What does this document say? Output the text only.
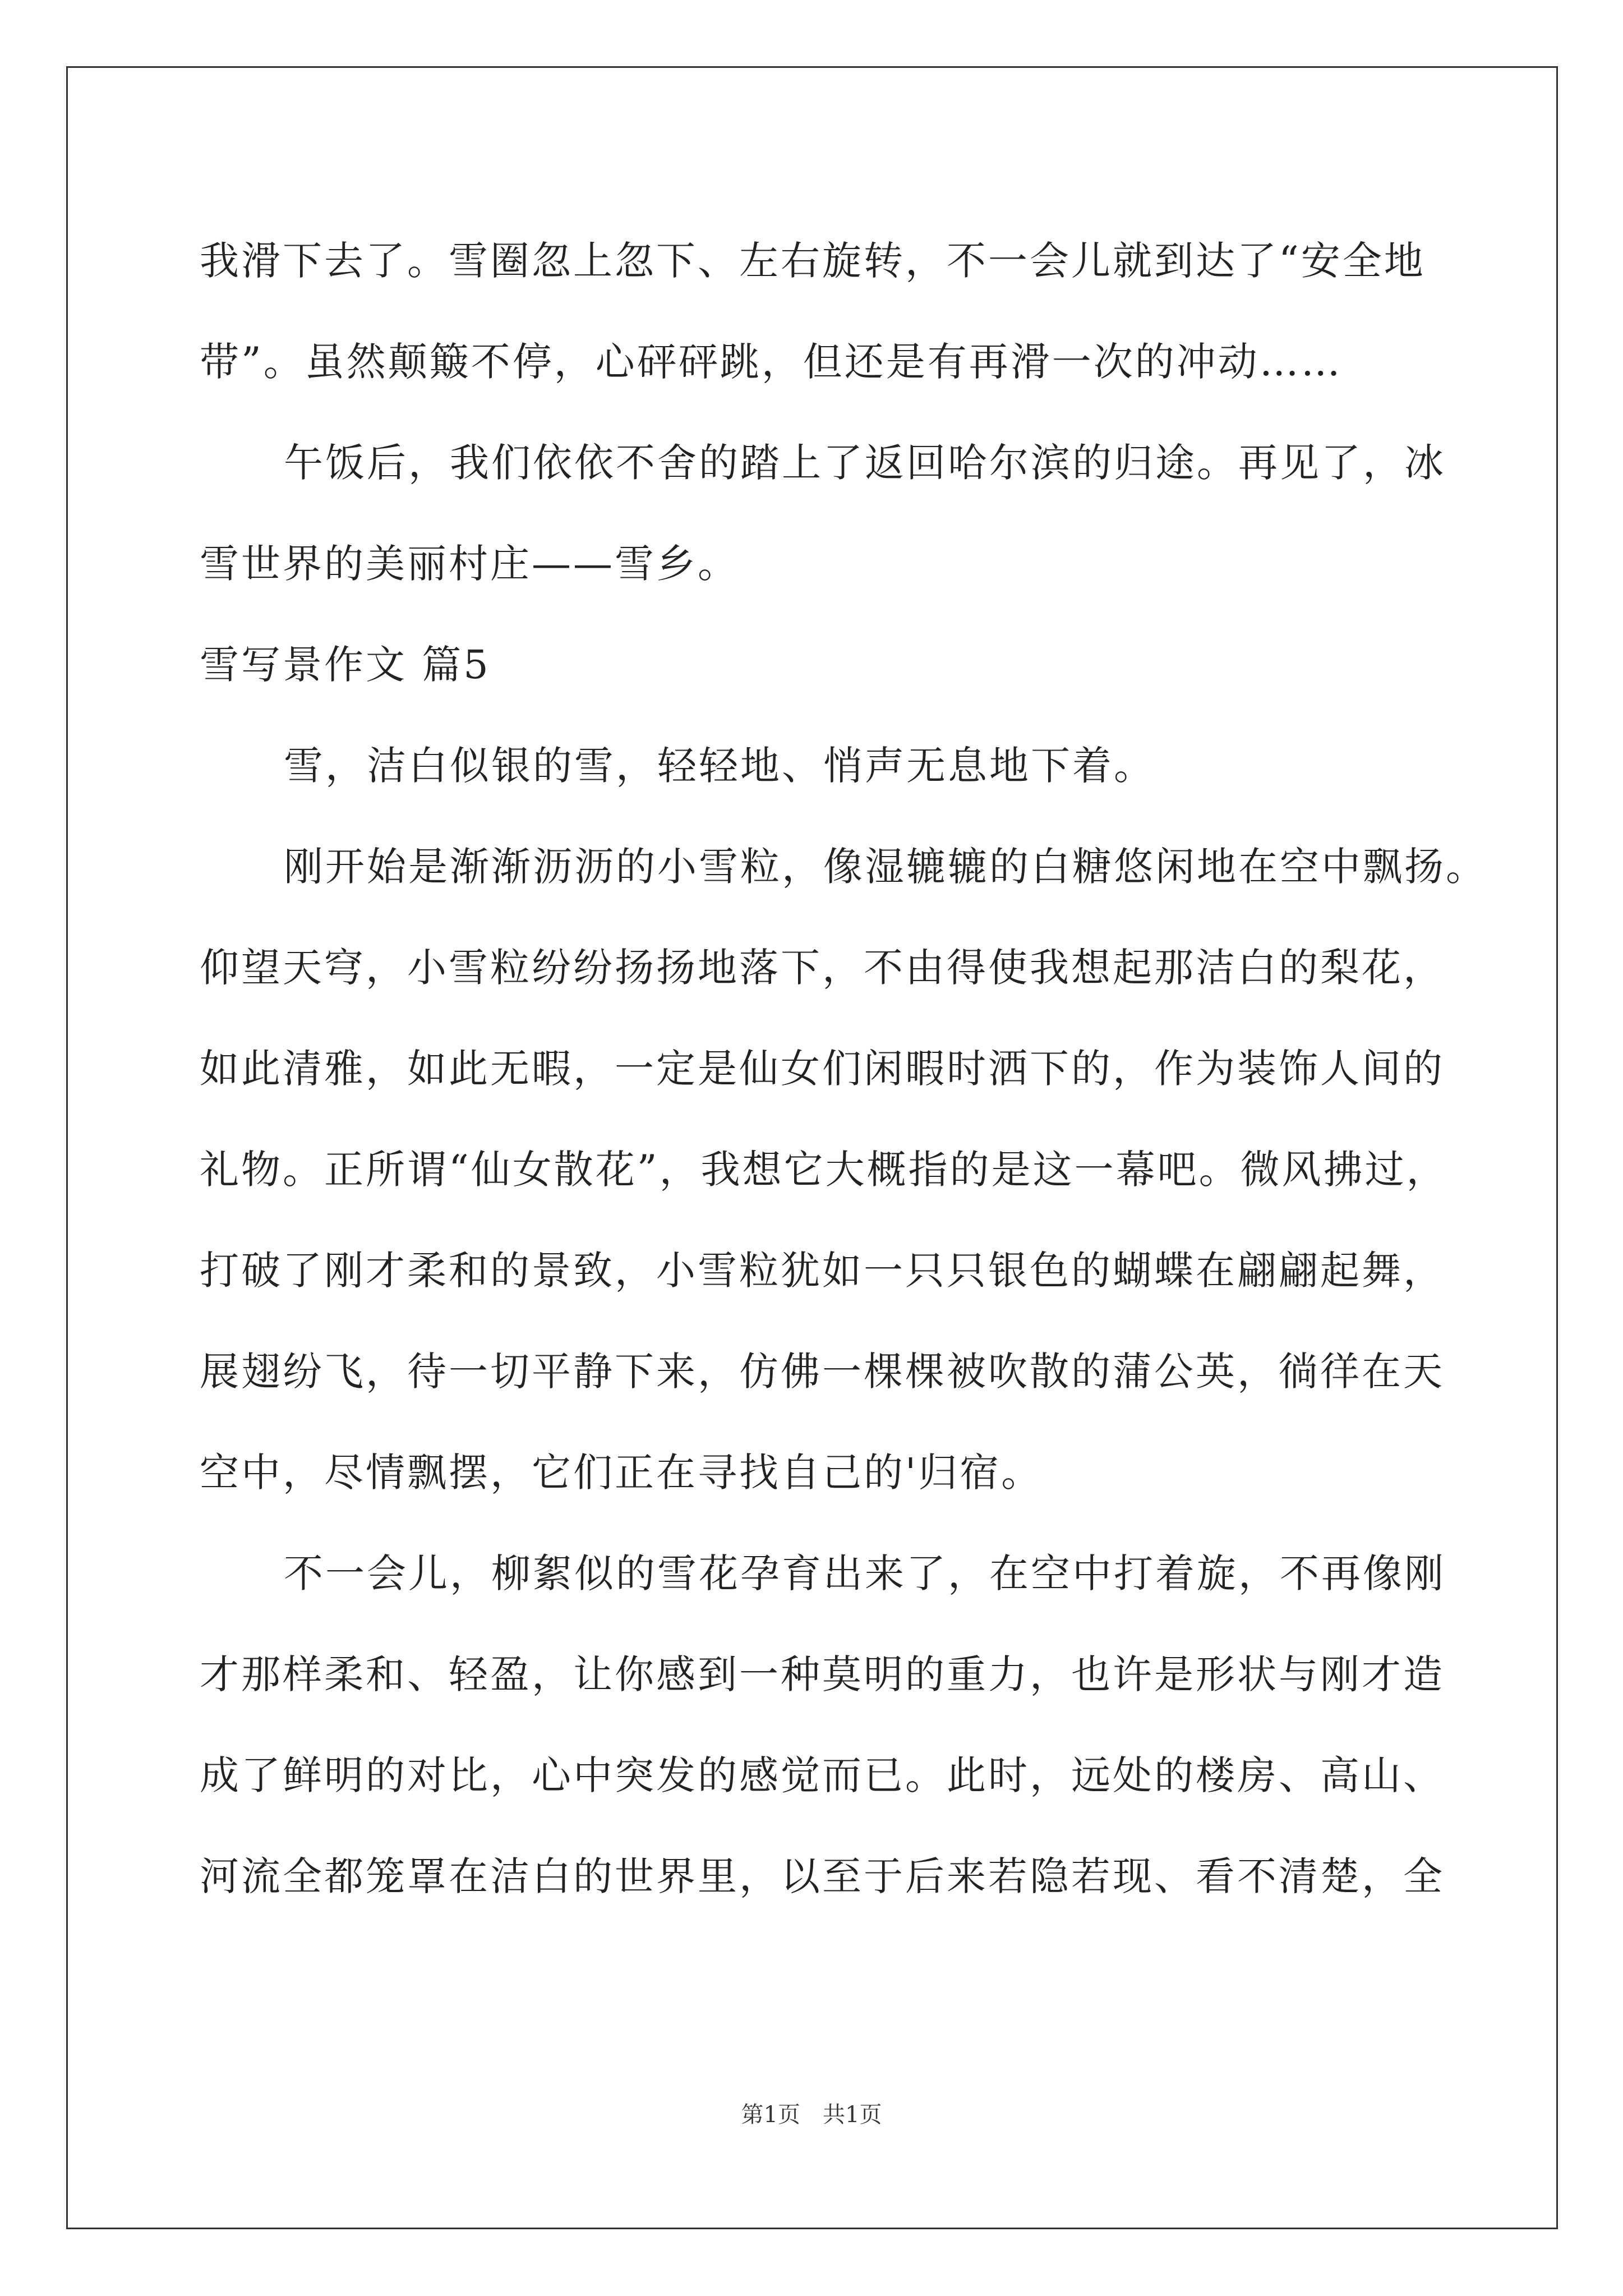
我滑下去了。雪圈忽上忽下、左右旋转，不一会儿就到达了“安全地
带”。虽然颠簸不停，心砰砰跳，但还是有再滑一次的冲动……
午饭后，我们依依不舍的踏上了返回哈尔滨的归途。再见了，冰
雪世界的美丽村庄——雪乡。
雪写景作文 篇5
雪，洁白似银的雪，轻轻地、悄声无息地下着。
刚开始是渐渐沥沥的小雪粒，像湿辘辘的白糖悠闲地在空中飘扬。
仰望天穹，小雪粒纷纷扬扬地落下，不由得使我想起那洁白的梨花，
如此清雅，如此无暇，一定是仙女们闲暇时洒下的，作为装饰人间的
礼物。正所谓“仙女散花”，我想它大概指的是这一幕吧。微风拂过，
打破了刚才柔和的景致，小雪粒犹如一只只银色的蝴蝶在翩翩起舞，
展翅纷飞，待一切平静下来，仿佛一棵棵被吹散的蒲公英，徜徉在天
空中，尽情飘摆，它们正在寻找自己的'归宿。
不一会儿，柳絮似的雪花孕育出来了，在空中打着旋，不再像刚
才那样柔和、轻盈，让你感到一种莫明的重力，也许是形状与刚才造
成了鲜明的对比，心中突发的感觉而已。此时，远处的楼房、高山、
河流全都笼罩在洁白的世界里，以至于后来若隐若现、看不清楚，全
第1页 共1页
